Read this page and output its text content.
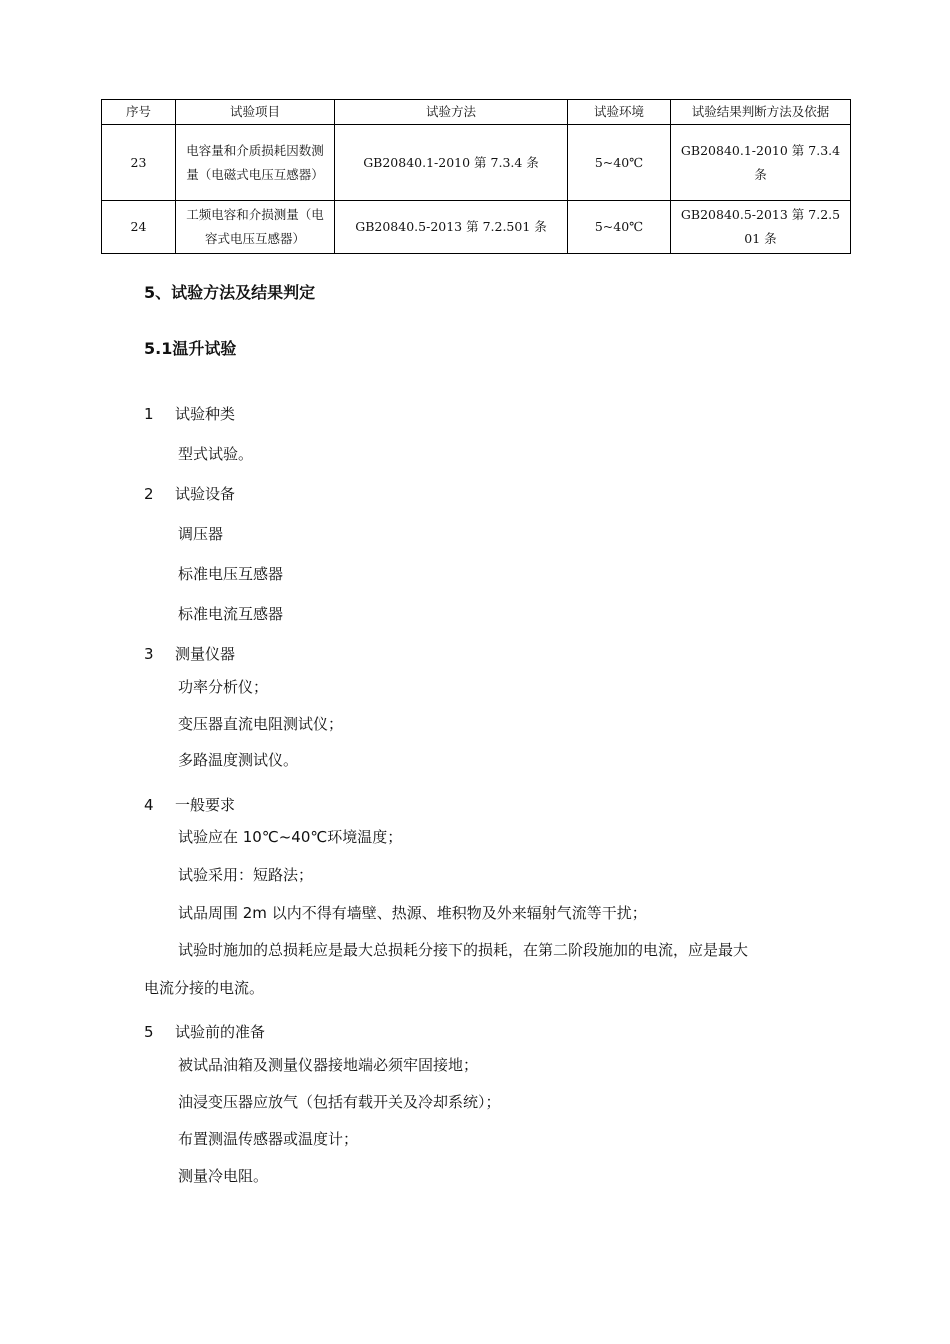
序号	试验项目	试验方法	试验环境	试验结果判断方法及依据
23	电容量和介质损耗因数测量（电磁式电压互感器）	GB20840.1-2010 第 7.3.4 条	5~40℃	GB20840.1-2010 第 7.3.4 条
24	工频电容和介损测量（电容式电压互感器）	GB20840.5-2013 第 7.2.501 条	5~40℃	GB20840.5-2013 第 7.2.501 条
5、试验方法及结果判定
5.1温升试验
1 试验种类
型式试验。
2 试验设备
调压器
标准电压互感器
标准电流互感器
3 测量仪器
功率分析仪；
变压器直流电阻测试仪；
多路温度测试仪。
4 一般要求
试验应在 10℃~40℃环境温度；
试验采用：短路法；
试品周围 2m 以内不得有墙壁、热源、堆积物及外来辐射气流等干扰；
试验时施加的总损耗应是最大总损耗分接下的损耗，在第二阶段施加的电流，应是最大
电流分接的电流。
5 试验前的准备
被试品油箱及测量仪器接地端必须牢固接地；
油浸变压器应放气（包括有载开关及冷却系统）；
布置测温传感器或温度计；
测量冷电阻。
